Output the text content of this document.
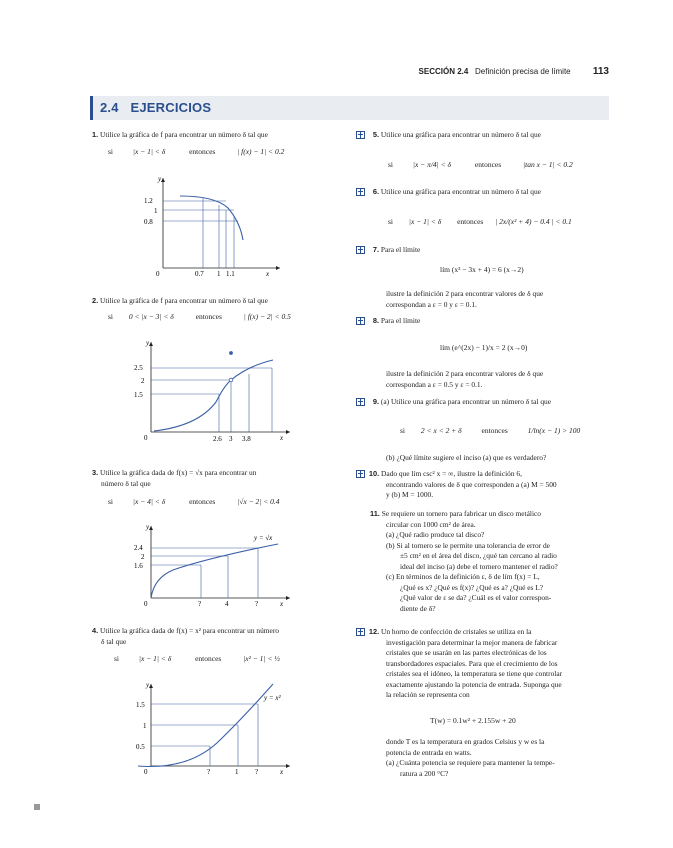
SECCIÓN 2.4 Definición precisa de límite 113
2.4 EJERCICIOS
1. Utilice la gráfica de f para encontrar un número δ tal que
si	|x − 1| < δ	entonces	| f(x) − 1| < 0.2
y
x
0
1.2
1
0.8
0.7 1 1.1
2. Utilice la gráfica de f para encontrar un número δ tal que
si 0 < |x − 3| < δ	entonces	| f(x) − 2| < 0.5
y
x
0
2.5
2
1.5
2.6 3 3.8
3. Utilice la gráfica dada de f(x) = √x para encontrar un
número δ tal que
si	|x − 4| < δ	entonces	|√x − 2| < 0.4
y = √x
y
x
0
2.4
2
1.6
?	4	?
4. Utilice la gráfica dada de f(x) = x² para encontrar un número
δ tal que
si	|x − 1| < δ	entonces	|x² − 1| < ½
y = x²
y
x
0
1.5
1
0.5
?	1 ?
5. Utilice una gráfica para encontrar un número δ tal que
si	|x − π/4| < δ	entonces	|tan x − 1| < 0.2
6. Utilice una gráfica para encontrar un número δ tal que
si |x − 1| < δ entonces | 2x/(x² + 4) − 0.4 | < 0.1
7. Para el límite
lím (x³ − 3x + 4) = 6 (x→2)
ilustre la definición 2 para encontrar valores de δ que
correspondan a ε = 0 y ε = 0.1.
8. Para el límite
lím (e^(2x) − 1)/x = 2 (x→0)
ilustre la definición 2 para encontrar valores de δ que
correspondan a ε = 0.5 y ε = 0.1.
9. (a) Utilice una gráfica para encontrar un número δ tal que
si 2 < x < 2 + δ	entonces	1/ln(x − 1) > 100
(b) ¿Qué límite sugiere el inciso (a) que es verdadero?
10. Dado que lím csc² x = ∞, ilustre la definición 6,
encontrando valores de δ que corresponden a (a) M = 500
y (b) M = 1000.
11. Se requiere un tornero para fabricar un disco metálico
circular con 1000 cm² de área.
(a) ¿Qué radio produce tal disco?
(b) Si al tornero se le permite una tolerancia de error de
±5 cm² en el área del disco, ¿qué tan cercano al radio
ideal del inciso (a) debe el tornero mantener el radio?
(c) En términos de la definición ε, δ de lím f(x) = L,
¿Qué es x? ¿Qué es f(x)? ¿Qué es a? ¿Qué es L?
¿Qué valor de ε se da? ¿Cuál es el valor correspon-
diente de δ?
12. Un horno de confección de cristales se utiliza en la
investigación para determinar la mejor manera de fabricar
cristales que se usarán en las partes electrónicas de los
transbordadores espaciales. Para que el crecimiento de los
cristales sea el idóneo, la temperatura se tiene que controlar
exactamente ajustando la potencia de entrada. Suponga que
la relación se representa con
T(w) = 0.1w² + 2.155w + 20
donde T es la temperatura en grados Celsius y w es la
potencia de entrada en watts.
(a) ¿Cuánta potencia se requiere para mantener la tempe-
ratura a 200 °C?
